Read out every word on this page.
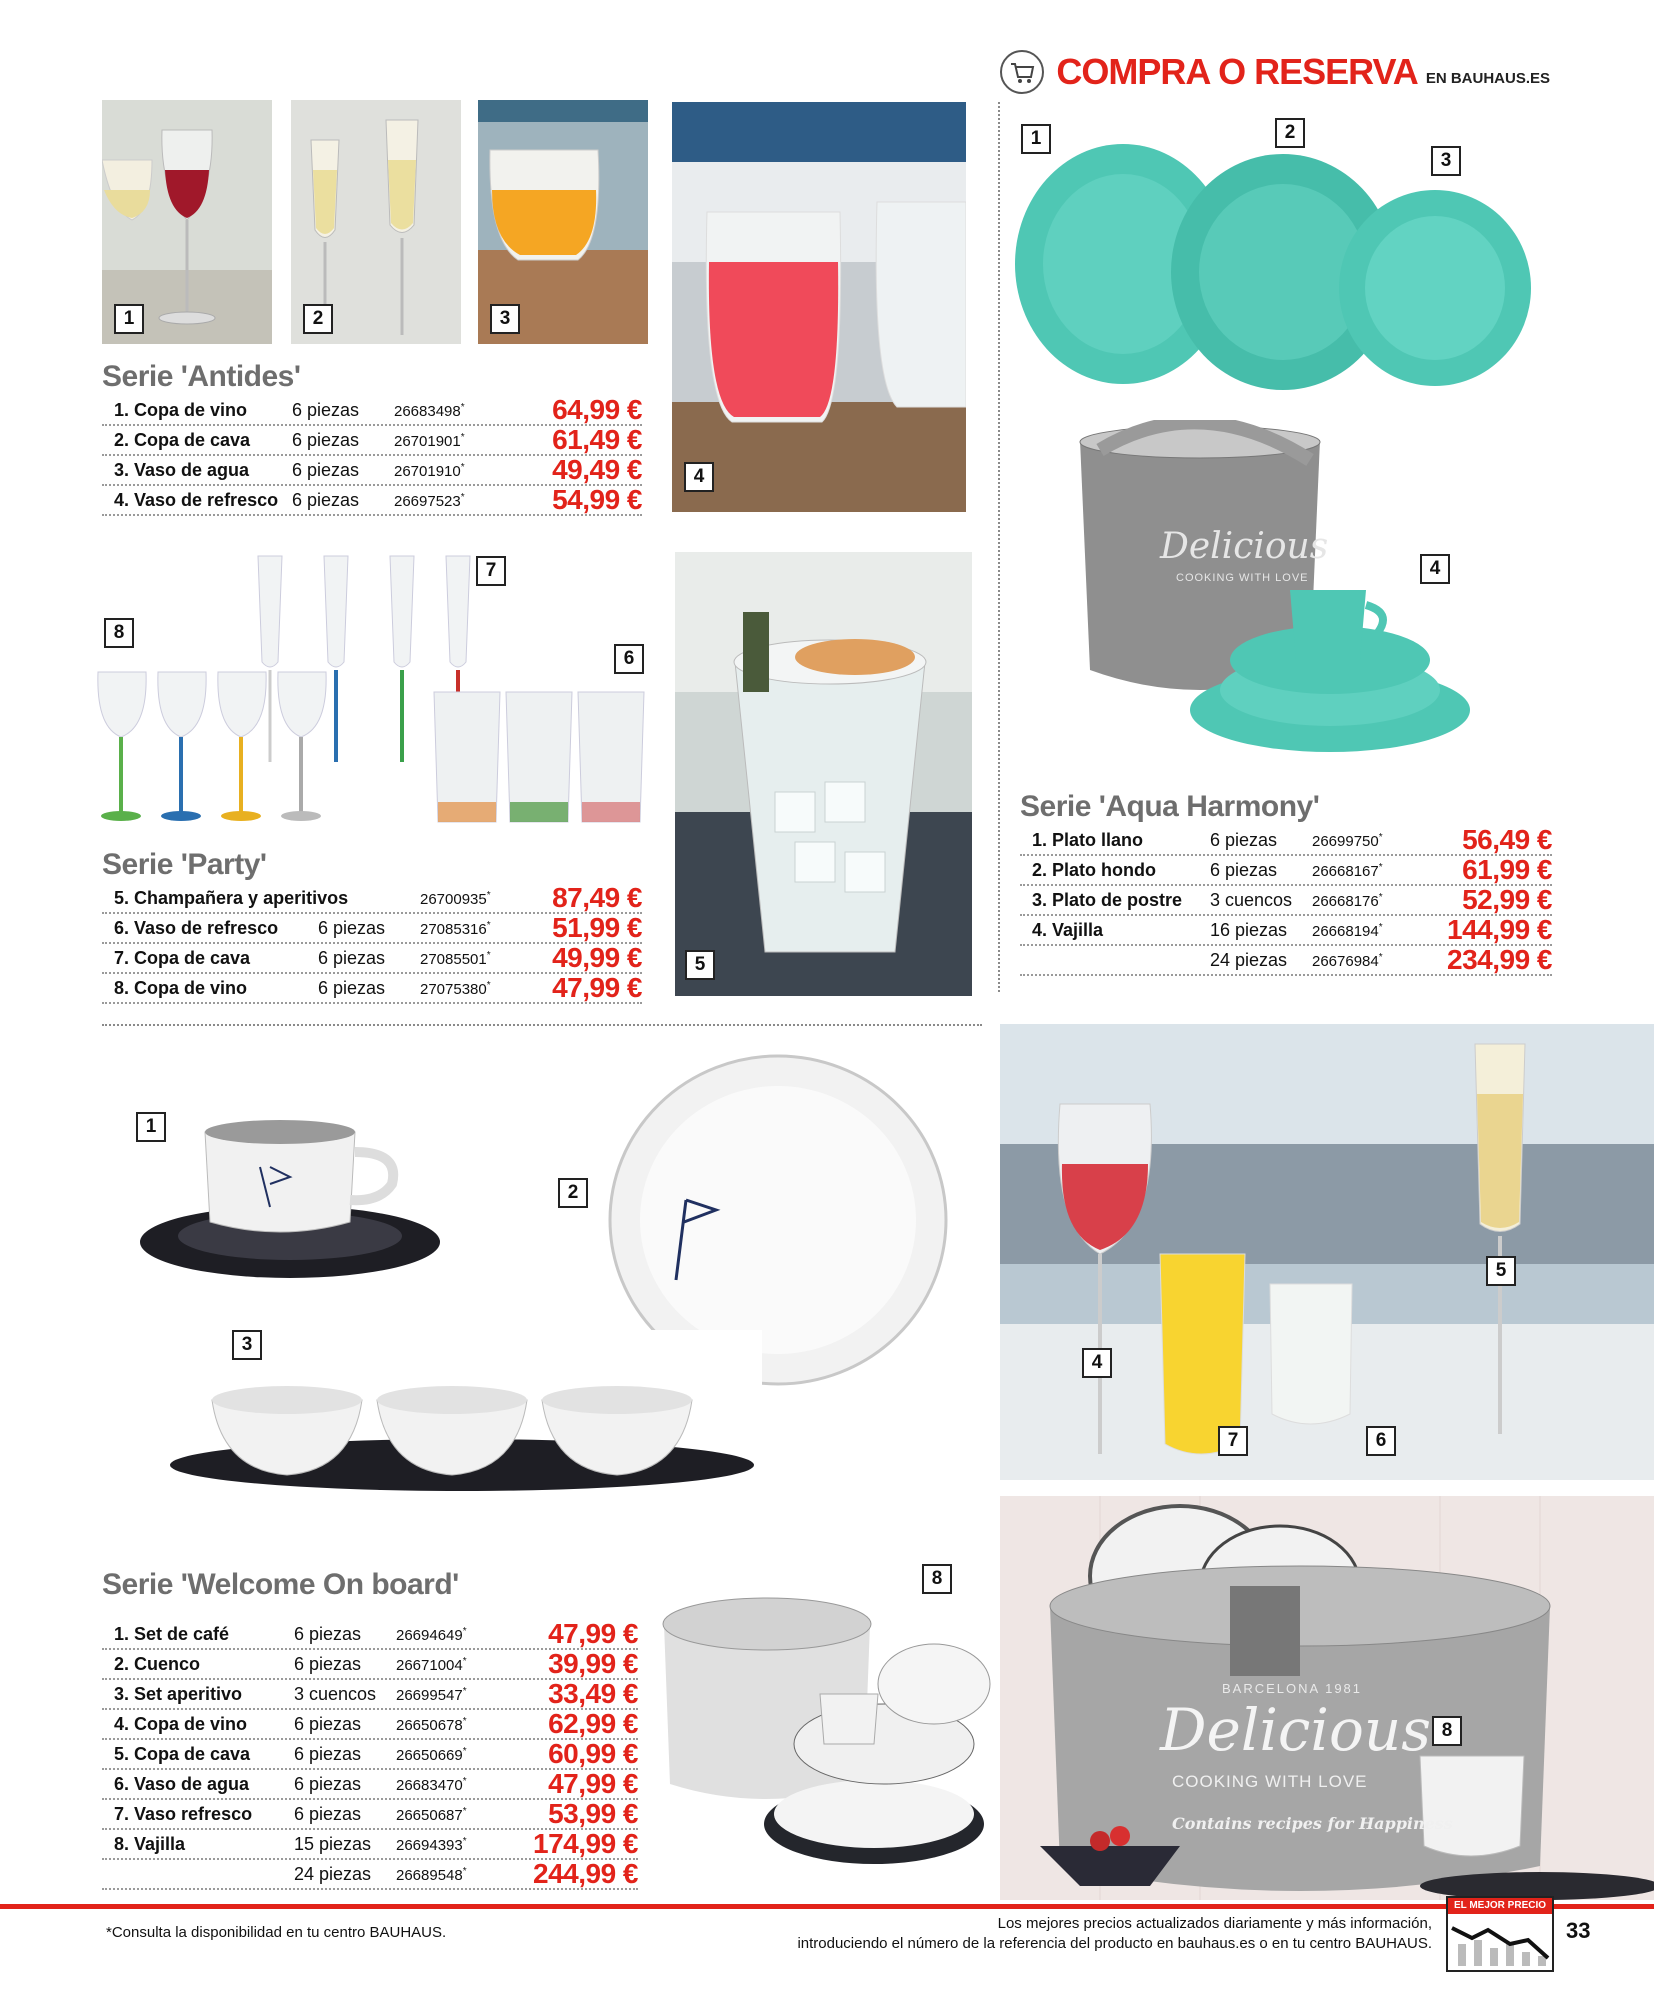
COMPRA O RESERVA EN BAUHAUS.ES
1	2	3
4
Serie 'Antides'
1. Copa de vino 6 piezas 26683498*	64,99 €
2. Copa de cava 6 piezas 26701901*	61,49 €
3. Vaso de agua 6 piezas 26701910*	49,49 €
4. Vaso de refresco 6 piezas 26697523*	54,99 €
7
8
6
5
Serie 'Party'
5. Champañera y aperitivos	26700935* 87,49 €
6. Vaso de refresco 6 piezas 27085316* 51,99 €
7. Copa de cava	6 piezas 27085501* 49,99 €
8. Copa de vino	6 piezas 27075380* 47,99 €
1	2
3
Delicious
COOKING WITH LOVE	4
Serie 'Aqua Harmony'
1. Plato llano	6 piezas 26699750*	56,49 €
2. Plato hondo	6 piezas 26668167*	61,99 €
3. Plato de postre 3 cuencos 26668176*	52,99 €
4. Vajilla	16 piezas 26668194* 144,99 €
24 piezas 26676984* 234,99 €
1
2
3
5
4
7	6
8
BARCELONA 1981
Delicious
COOKING WITH LOVE
Contains recipes for Happiness
8
Serie 'Welcome On board'
1. Set de café	6 piezas 26694649*	47,99 €
2. Cuenco	6 piezas 26671004*	39,99 €
3. Set aperitivo	3 cuencos 26699547*	33,49 €
4. Copa de vino	6 piezas 26650678*	62,99 €
5. Copa de cava 6 piezas 26650669*	60,99 €
6. Vaso de agua 6 piezas 26683470*	47,99 €
7. Vaso refresco 6 piezas 26650687*	53,99 €
8. Vajilla	15 piezas 26694393* 174,99 €
24 piezas 26689548* 244,99 €
*Consulta la disponibilidad en tu centro BAUHAUS.
Los mejores precios actualizados diariamente y más información,
introduciendo el número de la referencia del producto en bauhaus.es o en tu centro BAUHAUS.
EL MEJOR PRECIO
33
